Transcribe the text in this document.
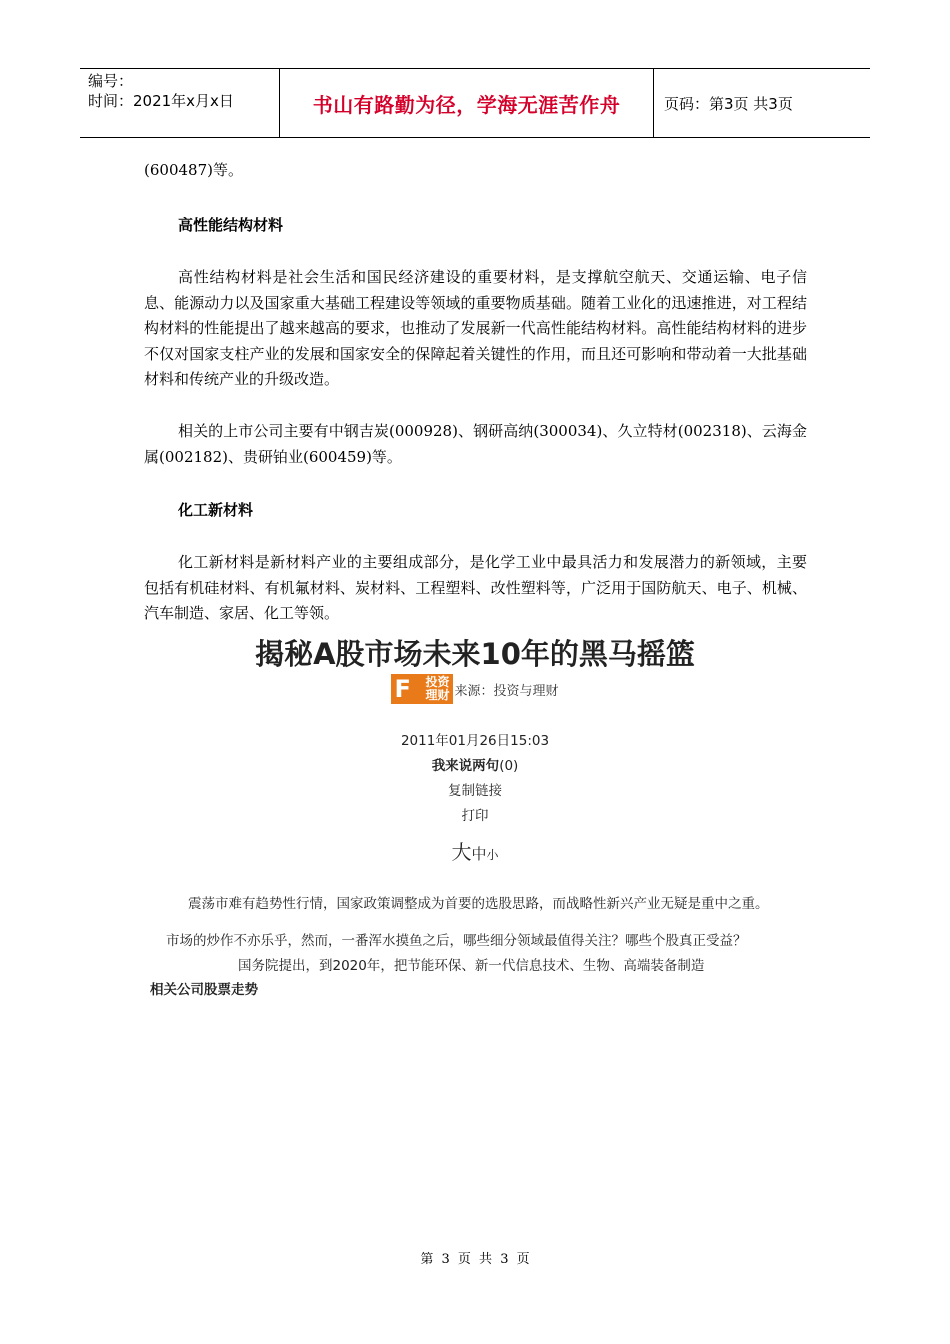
编号：
时间：2021年x月x日	书山有路勤为径，学海无涯苦作舟	页码：第3页 共3页
(600487)等。
高性能结构材料
高性结构材料是社会生活和国民经济建设的重要材料，是支撑航空航天、交通运输、电子信息、能源动力以及国家重大基础工程建设等领域的重要物质基础。随着工业化的迅速推进，对工程结构材料的性能提出了越来越高的要求，也推动了发展新一代高性能结构材料。高性能结构材料的进步不仅对国家支柱产业的发展和国家安全的保障起着关键性的作用，而且还可影响和带动着一大批基础材料和传统产业的升级改造。
相关的上市公司主要有中钢吉炭(000928)、钢研高纳(300034)、久立特材(002318)、云海金属(002182)、贵研铂业(600459)等。
化工新材料
化工新材料是新材料产业的主要组成部分，是化学工业中最具活力和发展潜力的新领域，主要包括有机硅材料、有机氟材料、炭材料、工程塑料、改性塑料等，广泛用于国防航天、电子、机械、汽车制造、家居、化工等领。
揭秘A股市场未来10年的黑马摇篮
F 投资
理财 来源：投资与理财
2011年01月26日15:03
我来说两句(0)
复制链接
打印
大中小
震荡市难有趋势性行情，国家政策调整成为首要的选股思路，而战略性新兴产业无疑是重中之重。
市场的炒作不亦乐乎，然而，一番浑水摸鱼之后，哪些细分领域最值得关注？哪些个股真正受益？
国务院提出，到2020年，把节能环保、新一代信息技术、生物、高端装备制造
相关公司股票走势
第 3 页 共 3 页
